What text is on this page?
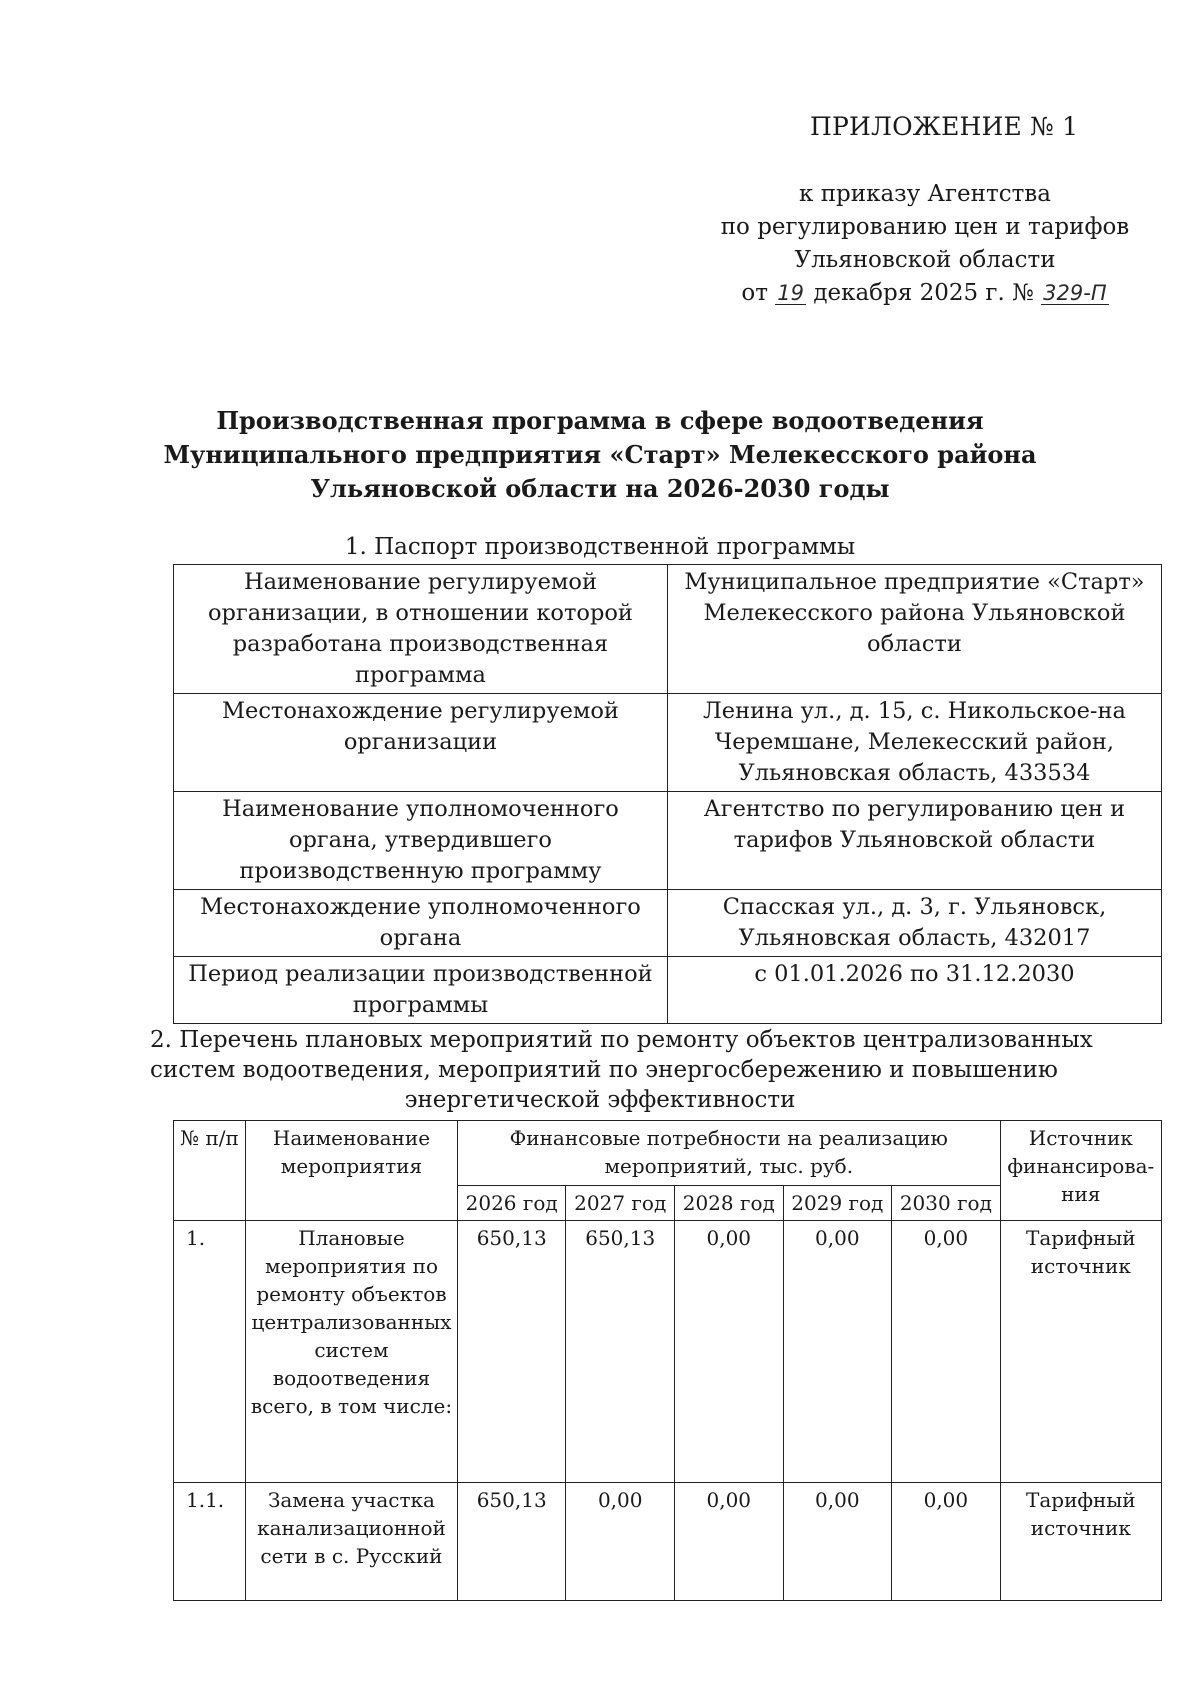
ПРИЛОЖЕНИЕ № 1
к приказу Агентства
по регулированию цен и тарифов
Ульяновской области
от 19 декабря 2025 г. № 329-П
Производственная программа в сфере водоотведения
Муниципального предприятия «Старт» Мелекесского района
Ульяновской области на 2026-2030 годы
1. Паспорт производственной программы
Наименование регулируемой организации, в отношении которой разработана производственная программа	Муниципальное предприятие «Старт» Мелекесского района Ульяновской области
Местонахождение регулируемой организации	Ленина ул., д. 15, с. Никольское-на Черемшане, Мелекесский район, Ульяновская область, 433534
Наименование уполномоченного органа, утвердившего производственную программу	Агентство по регулированию цен и тарифов Ульяновской области
Местонахождение уполномоченного органа	Спасская ул., д. 3, г. Ульяновск, Ульяновская область, 432017
Период реализации производственной программы	с 01.01.2026 по 31.12.2030
2. Перечень плановых мероприятий по ремонту объектов централизованных
систем водоотведения, мероприятий по энергосбережению и повышению
энергетической эффективности
№ п/п	Наименование мероприятия	Финансовые потребности на реализацию мероприятий, тыс. руб.					Источник финансирова-ния
		2026 год	2027 год	2028 год	2029 год	2030 год	
1.	Плановые мероприятия по ремонту объектов централизованных систем водоотведения всего, в том числе:	650,13	650,13	0,00	0,00	0,00	Тарифный источник
1.1.	Замена участка канализационной сети в с. Русский	650,13	0,00	0,00	0,00	0,00	Тарифный источник
